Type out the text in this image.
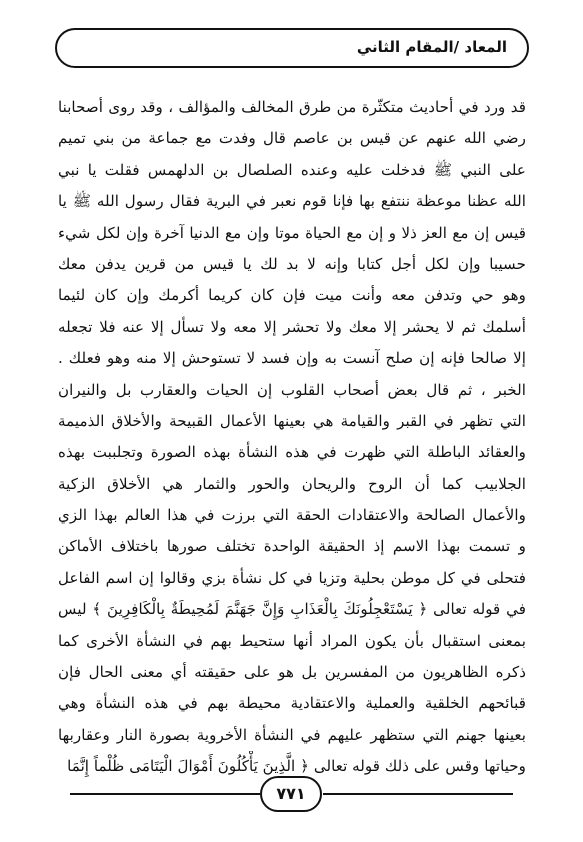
المعاد /المقام الثاني
قد ورد في أحاديث متكثّرة من طرق المخالف والمؤالف ، وقد روى أصحابنا
رضي الله عنهم عن قيس بن عاصم قال وفدت مع جماعة من بني تميم
على النبي ﷺ فدخلت عليه وعنده الصلصال بن الدلهمس فقلت يا نبي
الله عظنا موعظة ننتفع بها فإنا قوم نعبر في البرية فقال رسول الله ﷺ يا
قيس إن مع العز ذلا و إن مع الحياة موتا وإن مع الدنيا آخرة وإن لكل شيء
حسيبا وإن لكل أجل كتابا وإنه لا بد لك يا قيس من قرين يدفن معك
وهو حي وتدفن معه وأنت ميت فإن كان كريما أكرمك وإن كان لئيما
أسلمك ثم لا يحشر إلا معك ولا تحشر إلا معه ولا تسأل إلا عنه فلا تجعله
إلا صالحا فإنه إن صلح آنست به وإن فسد لا تستوحش إلا منه وهو فعلك .
الخبر ، ثم قال بعض أصحاب القلوب إن الحيات والعقارب بل والنيران
التي تظهر في القبر والقيامة هي بعينها الأعمال القبيحة والأخلاق الذميمة
والعقائد الباطلة التي ظهرت في هذه النشأة بهذه الصورة وتجلببت بهذه
الجلابيب كما أن الروح والريحان والحور والثمار هي الأخلاق الزكية
والأعمال الصالحة والاعتقادات الحقة التي برزت في هذا العالم بهذا الزي
و تسمت بهذا الاسم إذ الحقيقة الواحدة تختلف صورها باختلاف الأماكن
فتحلى في كل موطن بحلية وتزيا في كل نشأة بزي وقالوا إن اسم الفاعل
في قوله تعالى ﴿ يَسْتَعْجِلُونَكَ بِالْعَذَابِ وَإِنَّ جَهَنَّمَ لَمُحِيطَةٌ بِالْكَافِرِينَ ﴾ ليس
بمعنى استقبال بأن يكون المراد أنها ستحيط بهم في النشأة الأخرى كما
ذكره الظاهريون من المفسرين بل هو على حقيقته أي معنى الحال فإن
قبائحهم الخلقية والعملية والاعتقادية محيطة بهم في هذه النشأة وهي
بعينها جهنم التي ستظهر عليهم في النشأة الأخروية بصورة النار وعقاربها
وحياتها وقس على ذلك قوله تعالى ﴿ الَّذِينَ يَأْكُلُونَ أَمْوَالَ الْيَتَامَى ظُلْماً إِنَّمَا
٧٧١
